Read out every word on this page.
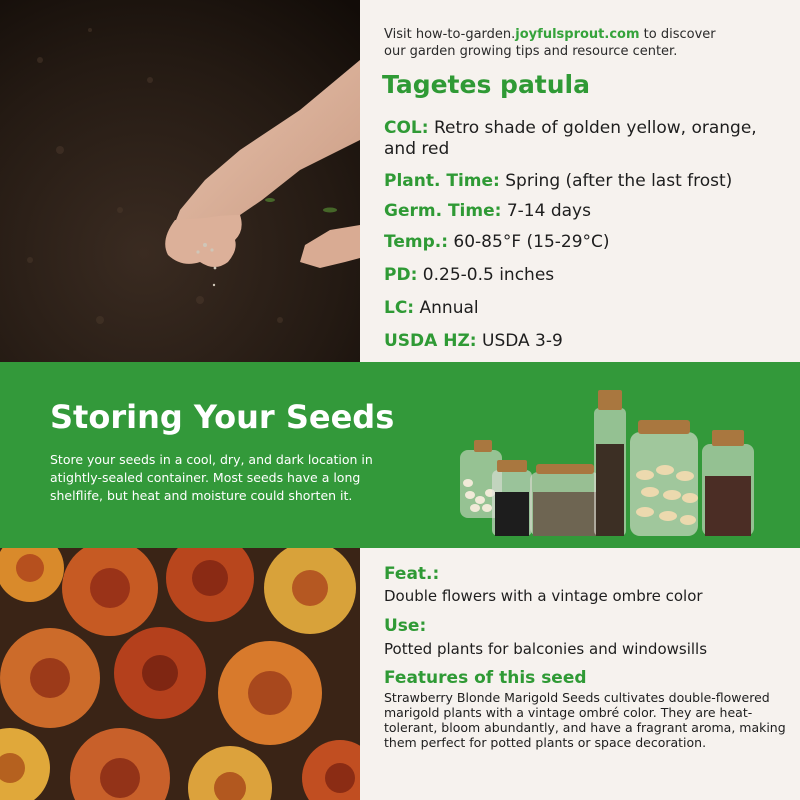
Visit how-to-garden.joyfulsprout.com to discover
our garden growing tips and resource center.
Tagetes patula
COL: Retro shade of golden yellow, orange,
and red
Plant. Time: Spring (after the last frost)
Germ. Time: 7-14 days
Temp.: 60-85°F (15-29°C)
PD: 0.25-0.5 inches
LC: Annual
USDA HZ: USDA 3-9
Storing Your Seeds
Store your seeds in a cool, dry, and dark location in atightly-sealed container. Most seeds have a long shelflife, but heat and moisture could shorten it.
Feat.:
Double flowers with a vintage ombre color
Use:
Potted plants for balconies and windowsills
Features of this seed
Strawberry Blonde Marigold Seeds cultivates double-flowered marigold plants with a vintage ombré color. They are heat-tolerant, bloom abundantly, and have a fragrant aroma, making them perfect for potted plants or space decoration.
